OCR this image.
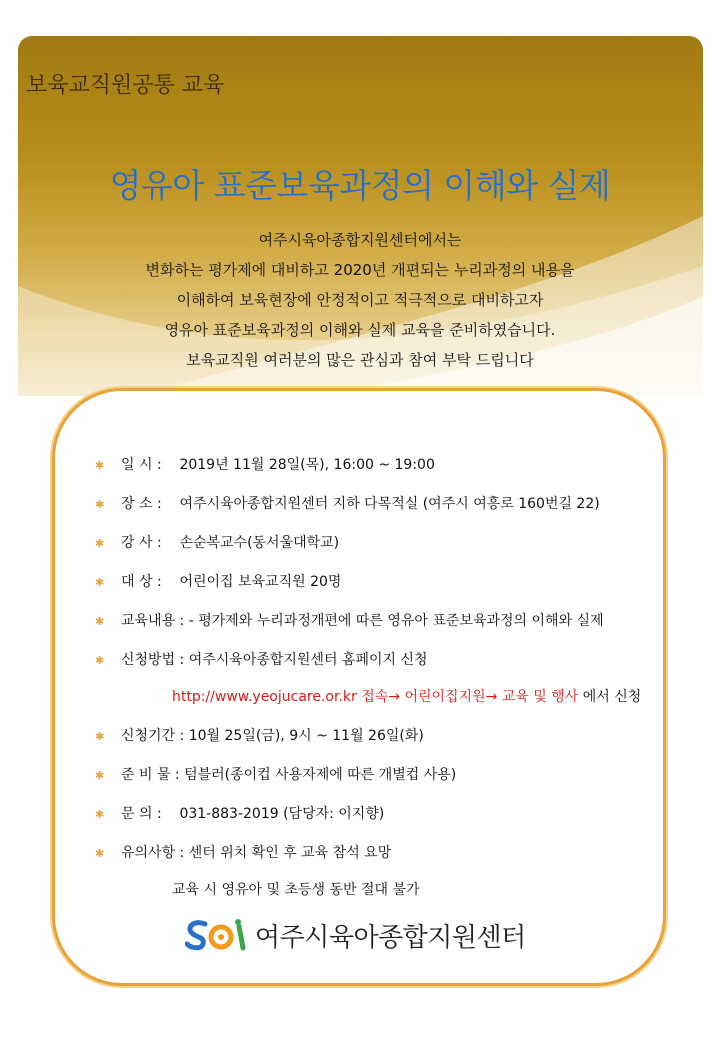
보육교직원공통 교육
영유아 표준보육과정의 이해와 실제
여주시육아종합지원센터에서는
변화하는 평가제에 대비하고 2020년 개편되는 누리과정의 내용을
이해하여 보육현장에 안정적이고 적극적으로 대비하고자
영유아 표준보육과정의 이해와 실제 교육을 준비하였습니다.
보육교직원 여러분의 많은 관심과 참여 부탁 드립니다
✱ 일 시 : 2019년 11월 28일(목), 16:00 ~ 19:00
✱ 장 소 : 여주시육아종합지원센터 지하 다목적실 (여주시 여흥로 160번길 22)
✱ 강 사 : 손순복교수(동서울대학교)
✱ 대 상 : 어린이집 보육교직원 20명
✱ 교육내용 : - 평가제와 누리과정개편에 따른 영유아 표준보육과정의 이해와 실제
✱ 신청방법 : 여주시육아종합지원센터 홈페이지 신청
http://www.yeojucare.or.kr 접속→ 어린이집지원→ 교육 및 행사 에서 신청
✱ 신청기간 : 10월 25일(금), 9시 ~ 11월 26일(화)
✱ 준 비 물 : 텀블러(종이컵 사용자제에 따른 개별컵 사용)
✱ 문 의 : 031-883-2019 (담당자: 이지향)
✱ 유의사항 : 센터 위치 확인 후 교육 참석 요망
교육 시 영유아 및 초등생 동반 절대 불가
여주시육아종합지원센터
